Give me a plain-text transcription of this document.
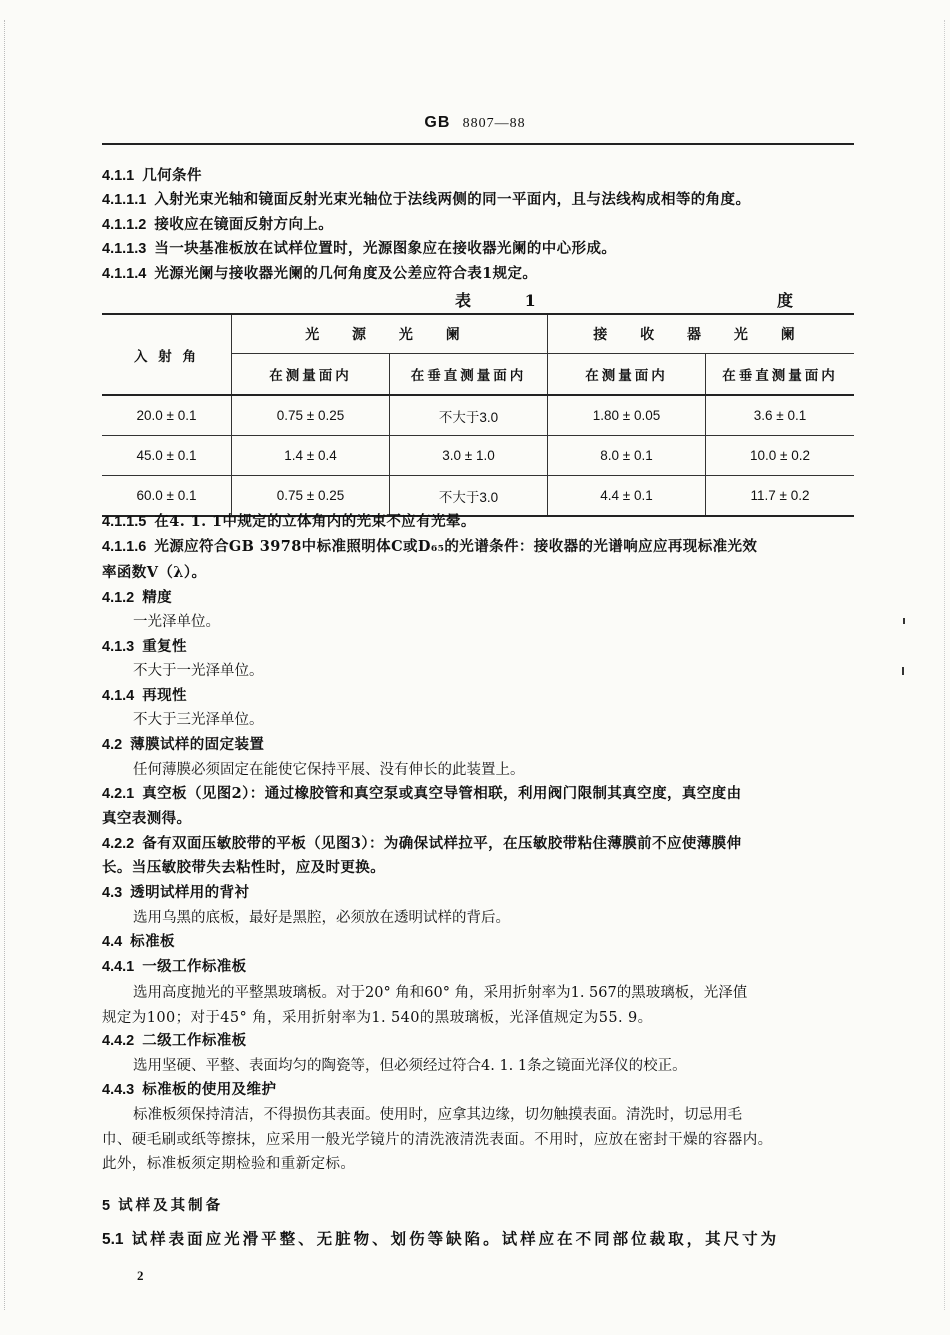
GB 8807—88
4.1.1 几何条件
4.1.1.1 入射光束光轴和镜面反射光束光轴位于法线两侧的同一平面内，且与法线构成相等的角度。
4.1.1.2 接收应在镜面反射方向上。
4.1.1.3 当一块基准板放在试样位置时，光源图象应在接收器光阑的中心形成。
4.1.1.4 光源光阑与接收器光阑的几何角度及公差应符合表1规定。
表 1	度
入 射 角	光 源 光 阑		接 收 器 光 阑	
	在测量面内	在垂直测量面内	在测量面内	在垂直测量面内
20.0 ± 0.1	0.75 ± 0.25	不大于3.0	1.80 ± 0.05	3.6 ± 0.1
45.0 ± 0.1	1.4 ± 0.4	3.0 ± 1.0	8.0 ± 0.1	10.0 ± 0.2
60.0 ± 0.1	0.75 ± 0.25	不大于3.0	4.4 ± 0.1	11.7 ± 0.2
4.1.1.5 在4. 1. 1中规定的立体角内的光束不应有光晕。
4.1.1.6 光源应符合GB 3978中标准照明体C或D₆₅的光谱条件：接收器的光谱响应应再现标准光效
率函数V（λ）。
4.1.2 精度
一光泽单位。
4.1.3 重复性
不大于一光泽单位。
4.1.4 再现性
不大于三光泽单位。
4.2 薄膜试样的固定装置
任何薄膜必须固定在能使它保持平展、没有伸长的此装置上。
4.2.1 真空板（见图2）：通过橡胶管和真空泵或真空导管相联，利用阀门限制其真空度，真空度由
真空表测得。
4.2.2 备有双面压敏胶带的平板（见图3）：为确保试样拉平，在压敏胶带粘住薄膜前不应使薄膜伸
长。当压敏胶带失去粘性时，应及时更换。
4.3 透明试样用的背衬
选用乌黑的底板，最好是黑腔，必须放在透明试样的背后。
4.4 标准板
4.4.1 一级工作标准板
选用高度抛光的平整黑玻璃板。对于20° 角和60° 角，采用折射率为1. 567的黑玻璃板，光泽值
规定为100；对于45° 角，采用折射率为1. 540的黑玻璃板，光泽值规定为55. 9。
4.4.2 二级工作标准板
选用坚硬、平整、表面均匀的陶瓷等，但必须经过符合4. 1. 1条之镜面光泽仪的校正。
4.4.3 标准板的使用及维护
标准板须保持清洁，不得损伤其表面。使用时，应拿其边缘，切勿触摸表面。清洗时，切忌用毛
巾、硬毛刷或纸等擦抹，应采用一般光学镜片的清洗液清洗表面。不用时，应放在密封干燥的容器内。
此外，标准板须定期检验和重新定标。
5 试样及其制备
5.1 试样表面应光滑平整、无脏物、划伤等缺陷。试样应在不同部位裁取，其尺寸为
2
